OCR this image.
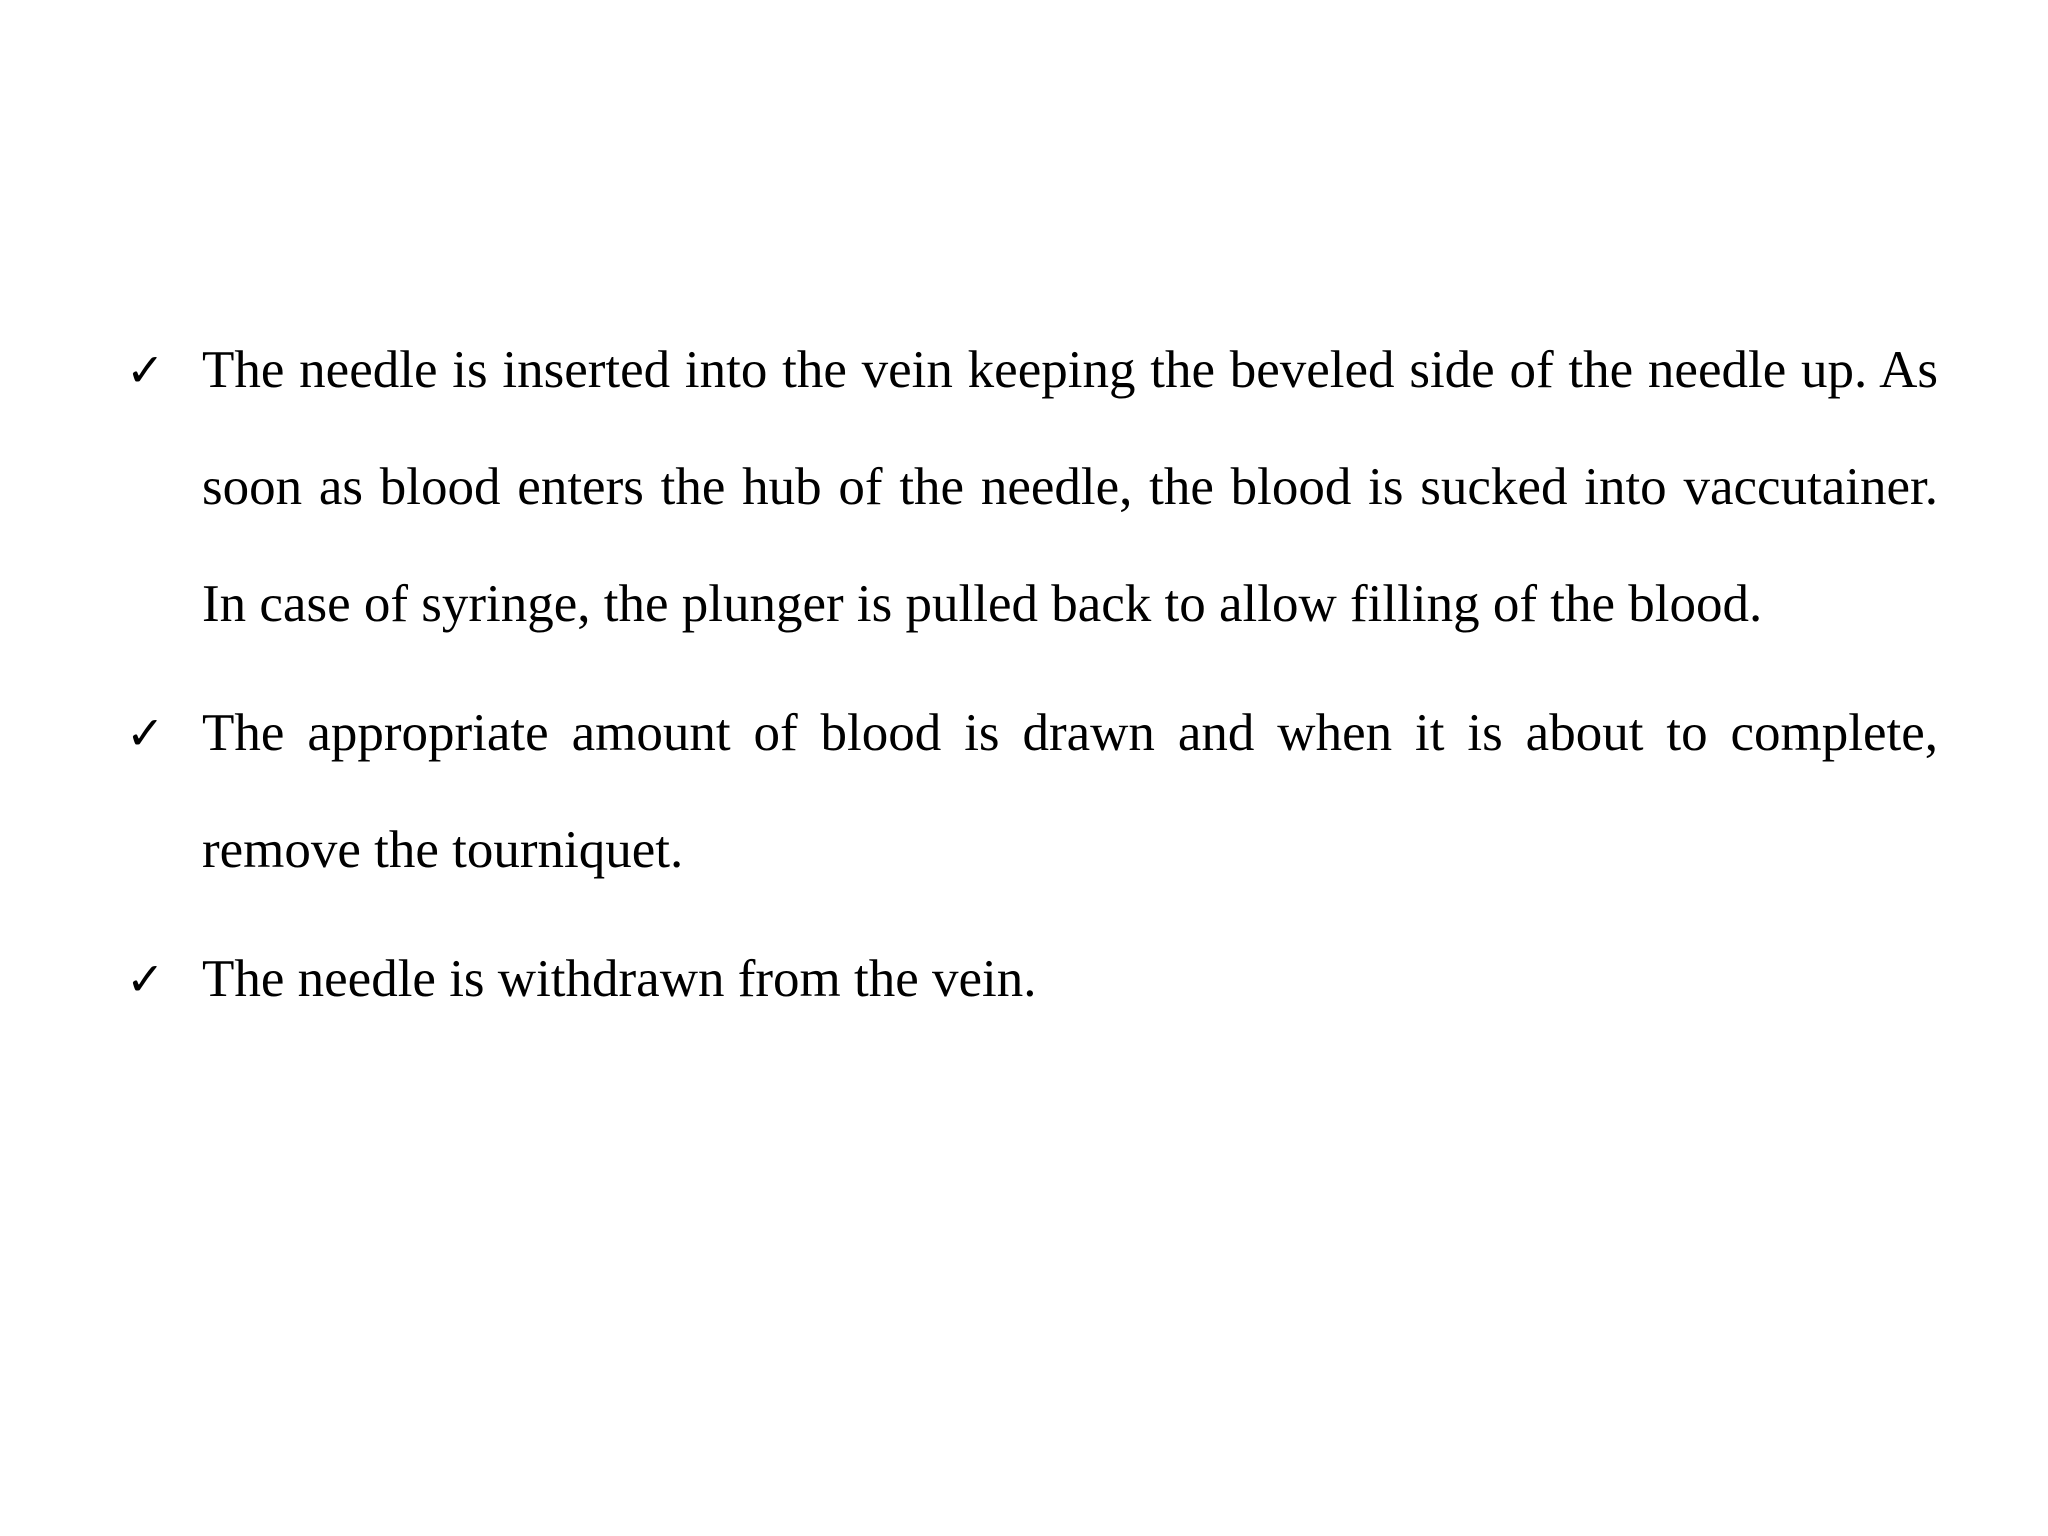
✓ The needle is inserted into the vein keeping the beveled side of the needle up. As soon as blood enters the hub of the needle, the blood is sucked into vaccutainer. In case of syringe, the plunger is pulled back to allow filling of the blood.
✓ The appropriate amount of blood is drawn and when it is about to complete, remove the tourniquet.
✓ The needle is withdrawn from the vein.
